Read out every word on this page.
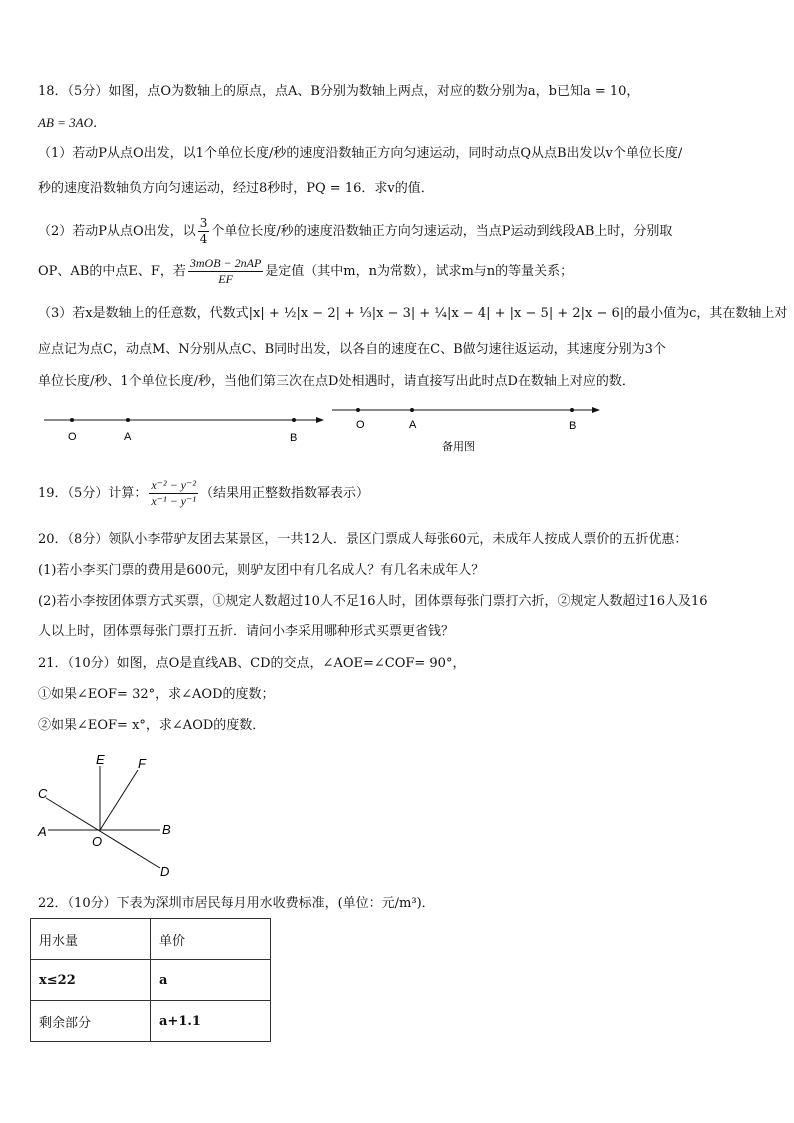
18．（5分）如图，点O为数轴上的原点，点A、B分别为数轴上两点，对应的数分别为a，b已知a = 10，
AB = 3AO．
（1）若动P从点O出发，以1个单位长度/秒的速度沿数轴正方向匀速运动，同时动点Q从点B出发以v个单位长度/
秒的速度沿数轴负方向匀速运动，经过8秒时，PQ = 16．求v的值．
（2）若动P从点O出发，以 $\frac{3}{4}$ 个单位长度/秒的速度沿数轴正方向匀速运动，当点P运动到线段AB上时，分别取
OP、AB的中点E、F，若 $\frac{\text{3mOB − 2nAP}}{EF}$ 是定值（其中m，n为常数），试求m与n的等量关系；
（3）若x是数轴上的任意数，代数式|x| + ½|x − 2| + ⅓|x − 3| + ¼|x − 4| + |x − 5| + 2|x − 6|的最小值为c，其在数轴上对
应点记为点C，动点M、N分别从点C、B同时出发，以各自的速度在C、B做匀速往返运动，其速度分别为3个
单位长度/秒、1个单位长度/秒，当他们第三次在点D处相遇时，请直接写出此时点D在数轴上对应的数．
O	A	B
O	A	B
备用图
19．（5分）计算： $\frac{\text{x⁻² − y⁻²}}{\text{x⁻¹ − y⁻¹}}$ （结果用正整数指数幂表示）
20．（8分）领队小李带驴友团去某景区，一共12人．景区门票成人每张60元，未成年人按成人票价的五折优惠：
(1)若小李买门票的费用是600元，则驴友团中有几名成人？有几名未成年人？
(2)若小李按团体票方式买票，①规定人数超过10人不足16人时，团体票每张门票打六折，②规定人数超过16人及16
人以上时，团体票每张门票打五折．请问小李采用哪种形式买票更省钱？
21．（10分）如图，点O是直线AB、CD的交点，∠AOE=∠COF= 90°，
①如果∠EOF= 32°，求∠AOD的度数；
②如果∠EOF= x°，求∠AOD的度数．
E	F
C
A	B
O
D
22．（10分）下表为深圳市居民每月用水收费标准，(单位：元/m³)．
用水量	单价
x≤22	a
剩余部分	a+1.1
